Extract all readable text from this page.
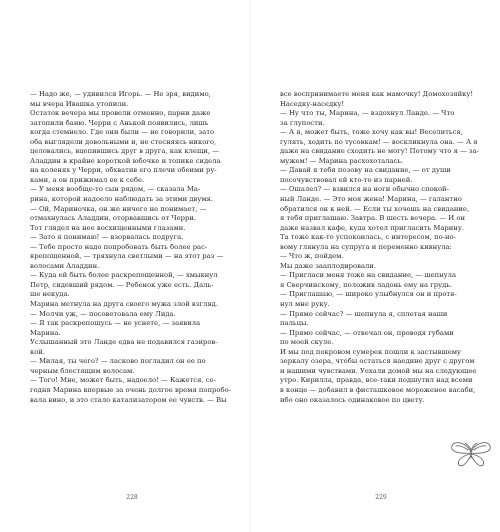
— Надо же, — удивился Игорь. — Не зря, видимо,
мы вчера Ивашка утопили.
Остаток вечера мы провели отменно, парни даже
затопили баню. Черри с Анькой появились, лишь
когда стемнело. Где они были — не говорили, зато
оба выглядели довольными и, не стесняясь никого,
целовались, вцепившись друг в друга, как клещи, —
Аладдин в крайне короткой юбочке и топике сидела
на коленях у Черри, обхватив его плечи обеими ру-
ками, а он прижимал ее к себе.
— У меня вообще-то сын рядом, — сказала Ма-
рина, которой надоело наблюдать за этими двумя.
— Ой, Мариночка, он же ничего не понимает, —
отмахнулась Аладдин, оторвавшись от Черри.
Тот глядел на нее восхищенными глазами.
— Зато я понимаю! — взорвалась подруга.
— Тебе просто надо попробовать быть более рас-
крепощенной, — тряхнула светлыми — на этот раз —
волосами Аладдин.
— Куда ей быть более раскрепощенной, — хмыкнул
Петр, сидевший рядом. — Ребенок уже есть. Даль-
ше некуда.
Марина метнула на друга своего мужа злой взгляд.
— Молчи уж, — посоветовала ему Лида.
— Я так раскрепощусь — не уснете, — заявила
Марина.
Услышанный это Ланде едва не подавился газиров-
кой.
— Милая, ты чего? — ласково погладил он ее по
черным блестящим волосам.
— Того! Мне, может быть, надоело! — Кажется, се-
годня Марина впервые за очень долгое время попробо-
вала вино, и это стало катализатором ее чувств. — Вы
все воспринимаете меня как мамочку! Домохозяйку!
Наседку-наседку!
— Ну что ты, Марина, — вздохнул Ланде. — Что
за глупости.
— А я, может быть, тоже хочу как вы! Веселиться,
гулять, ходить по тусовкам! — воскликнула она. — А я
даже на свидание сходить не могу! Потому что я — за-
мужем! — Марина расхохоталась.
— Давай я тебя позову на свидание, — от души
посочувствовал ей кто-то из парней.
— Ошалел? — взвился на ноги обычно спокой-
ный Ланде. — Это моя жена! Марина, — галантно
обратился он к ней. — Если ты хочешь на свидание,
я тебя приглашаю. Завтра. В шесть вечера. — И он
даже назвал кафе, куда хотел пригласить Марину.
Та тоже как-то успокоилась, с интересом, по-но-
вому глянула на супруга и переменно кивнула:
— Что ж, пойдем.
Мы даже зааплодировали.
— Пригласи меня тоже на свидание, — шепнула
я Сверчинскому, положив ладонь ему на грудь.
— Приглашаю, — широко улыбнулся он и протя-
нул мне руку.
— Прямо сейчас? — шепнула я, сплетая наши
пальцы.
— Прямо сейчас, — отвечал он, проводя губами
по моей скуле.
И мы под покровом сумерек пошли к застывшему
зеркалу озера, чтобы остаться наедине друг с другом
и нашими чувствами. Уехали домой мы на следующее
утро. Кирилла, правда, все-таки подшутил над всеми
в конце — добавил в фисташковое мороженое васаби,
ибо оно оказалось одинаковое по цвету.
228	229
